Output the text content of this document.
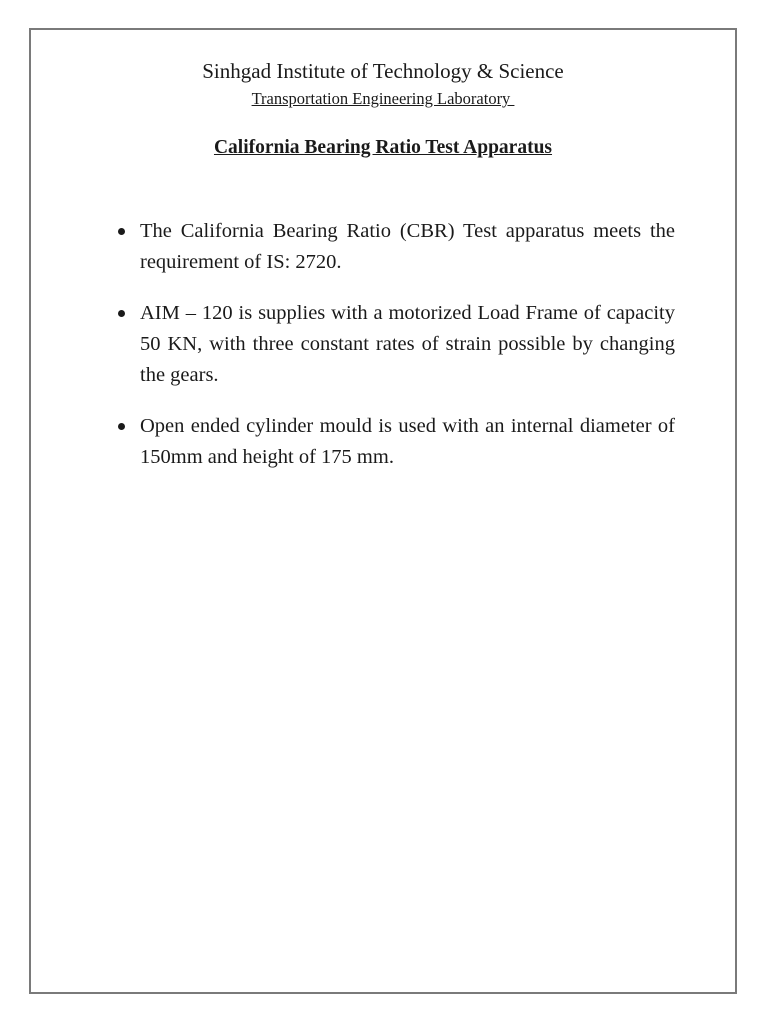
Sinhgad Institute of Technology & Science
Transportation Engineering Laboratory
California Bearing Ratio Test Apparatus
The California Bearing Ratio (CBR) Test apparatus meets the requirement of IS: 2720.
AIM – 120 is supplies with a motorized Load Frame of capacity 50 KN, with three constant rates of strain possible by changing the gears.
Open ended cylinder mould is used with an internal diameter of 150mm and height of 175 mm.
